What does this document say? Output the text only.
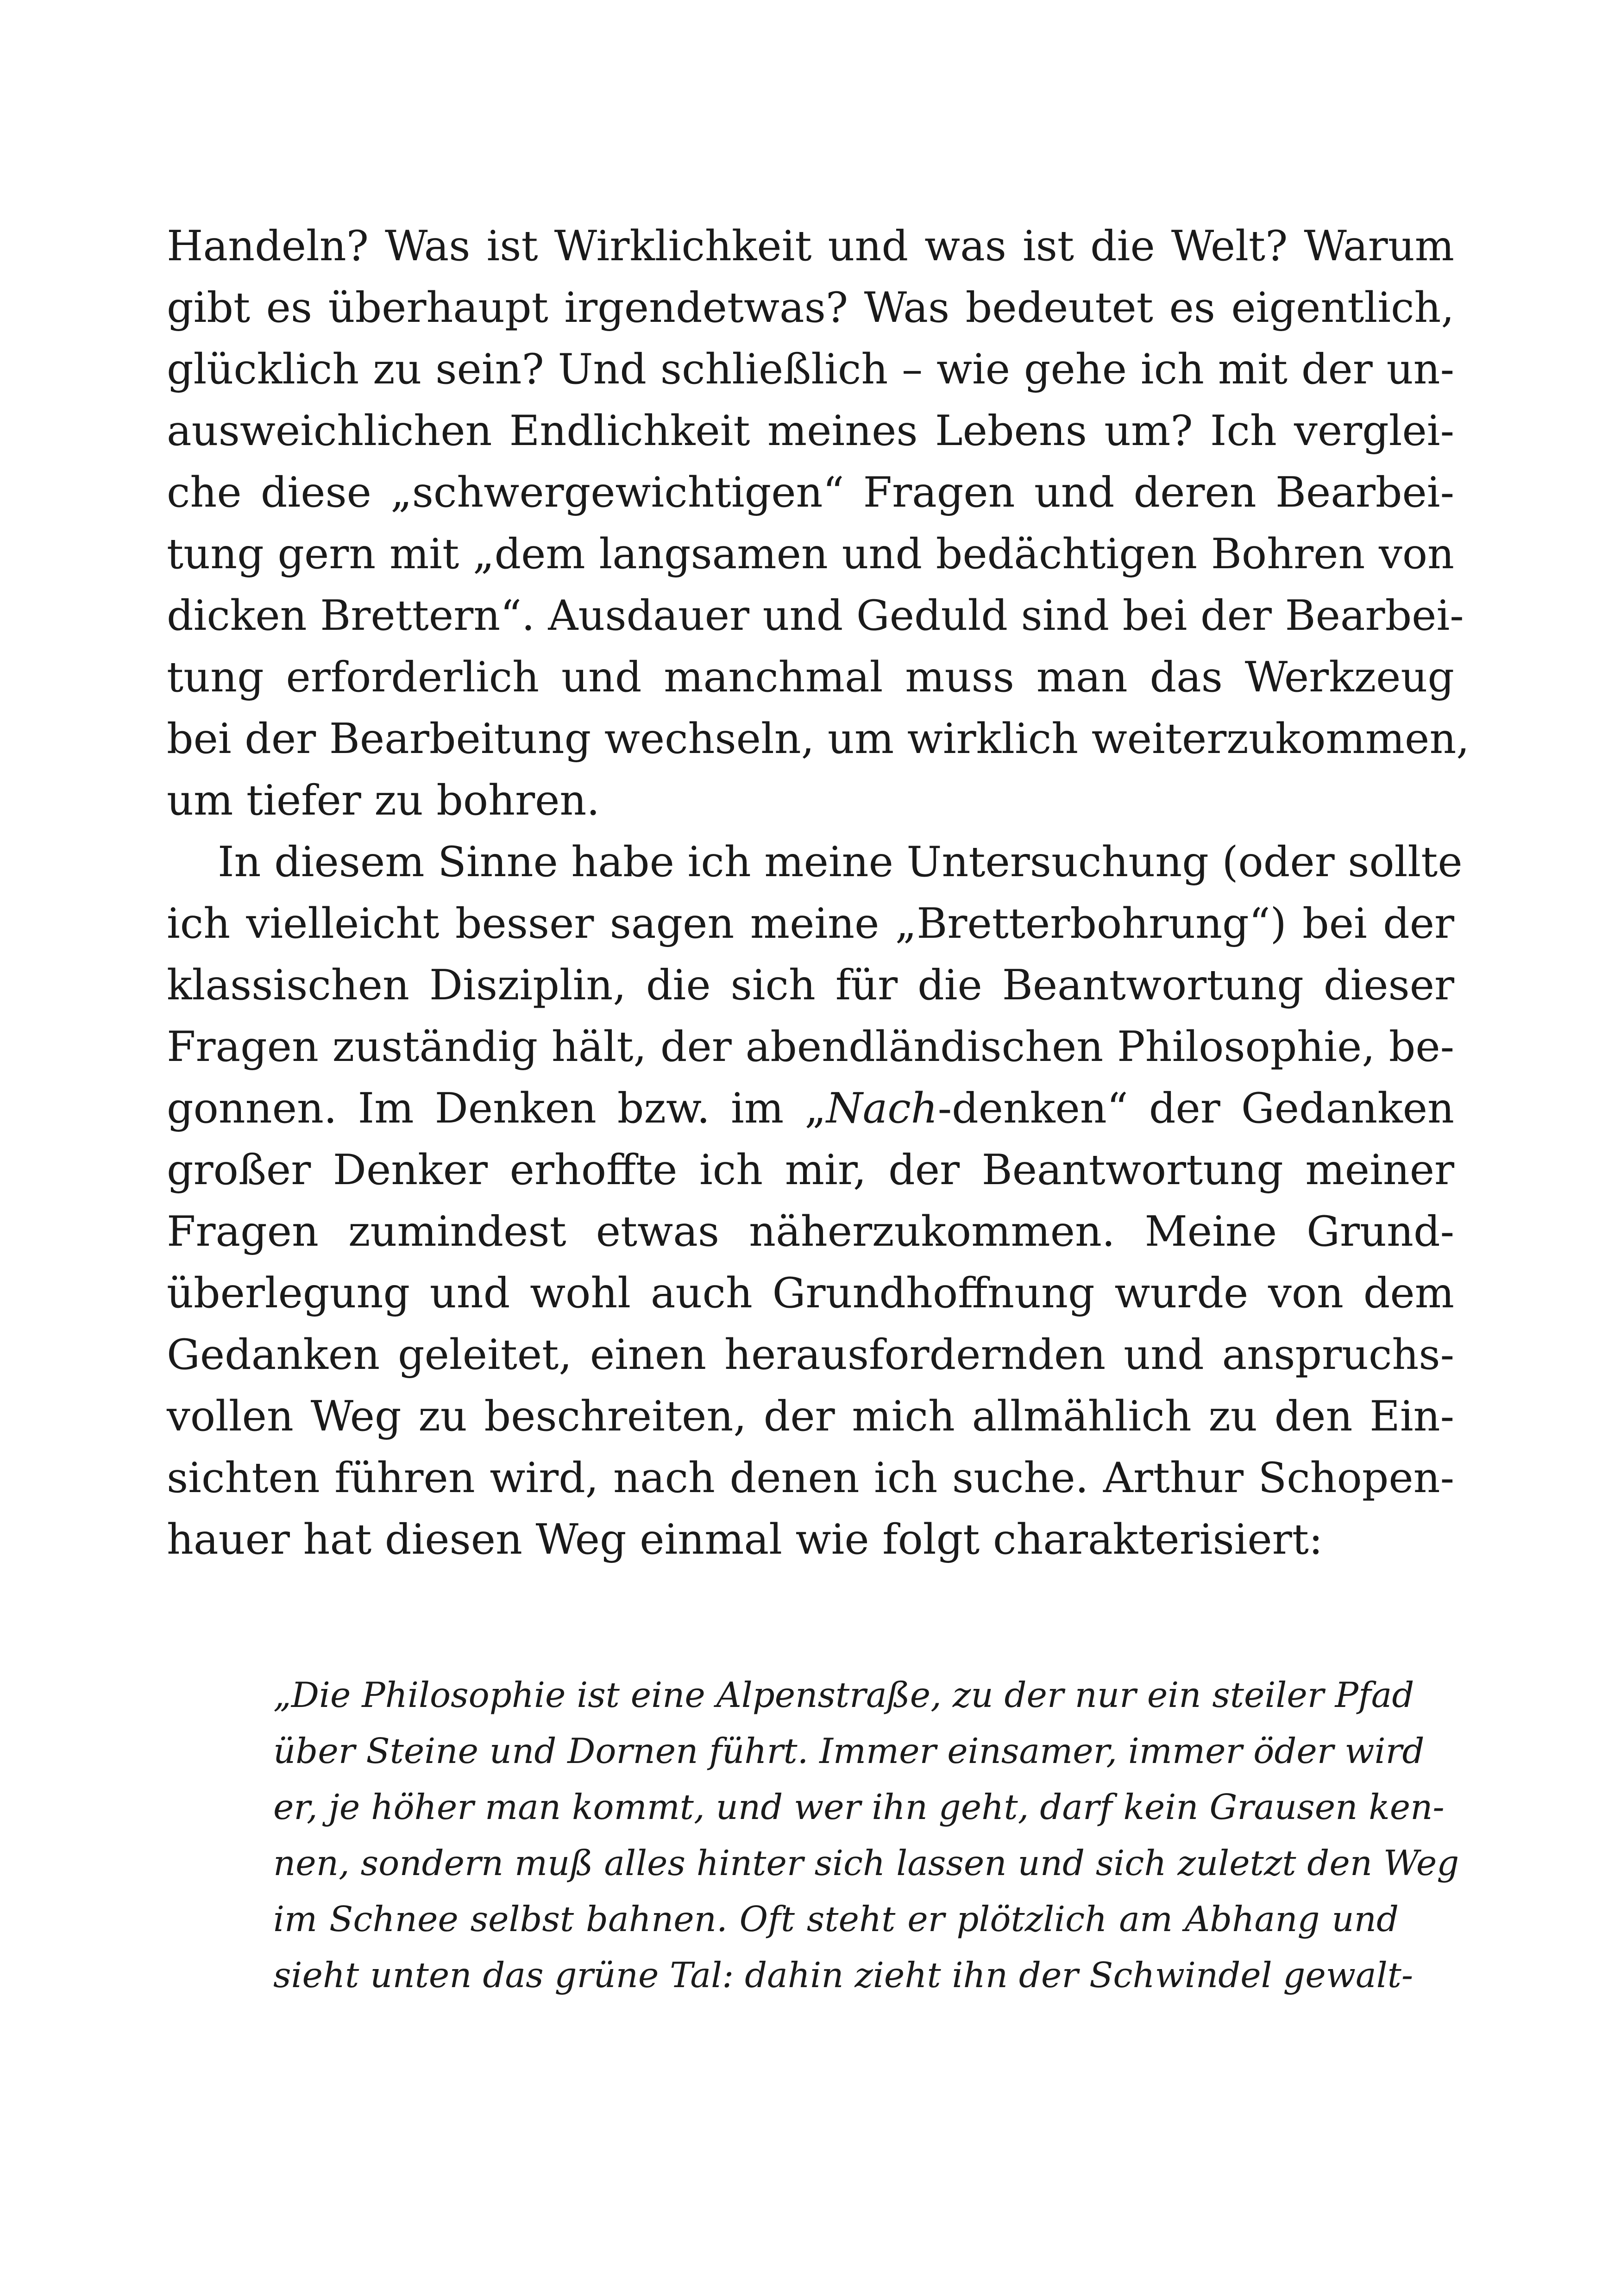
Handeln? Was ist Wirklichkeit und was ist die Welt? Warum
gibt es überhaupt irgendetwas? Was bedeutet es eigentlich,
glücklich zu sein? Und schließlich – wie gehe ich mit der un-
ausweichlichen Endlichkeit meines Lebens um? Ich verglei-
che diese „schwergewichtigen“ Fragen und deren Bearbei-
tung gern mit „dem langsamen und bedächtigen Bohren von
dicken Brettern“. Ausdauer und Geduld sind bei der Bearbei-
tung erforderlich und manchmal muss man das Werkzeug
bei der Bearbeitung wechseln, um wirklich weiterzukommen,
um tiefer zu bohren.
In diesem Sinne habe ich meine Untersuchung (oder sollte
ich vielleicht besser sagen meine „Bretterbohrung“) bei der
klassischen Disziplin, die sich für die Beantwortung dieser
Fragen zuständig hält, der abendländischen Philosophie, be-
gonnen. Im Denken bzw. im „Nach-denken“ der Gedanken
großer Denker erhoffte ich mir, der Beantwortung meiner
Fragen zumindest etwas näherzukommen. Meine Grund-
überlegung und wohl auch Grundhoffnung wurde von dem
Gedanken geleitet, einen herausfordernden und anspruchs-
vollen Weg zu beschreiten, der mich allmählich zu den Ein-
sichten führen wird, nach denen ich suche. Arthur Schopen-
hauer hat diesen Weg einmal wie folgt charakterisiert:
„Die Philosophie ist eine Alpenstraße, zu der nur ein steiler Pfad
über Steine und Dornen führt. Immer einsamer, immer öder wird
er, je höher man kommt, und wer ihn geht, darf kein Grausen ken-
nen, sondern muß alles hinter sich lassen und sich zuletzt den Weg
im Schnee selbst bahnen. Oft steht er plötzlich am Abhang und
sieht unten das grüne Tal: dahin zieht ihn der Schwindel gewalt-
